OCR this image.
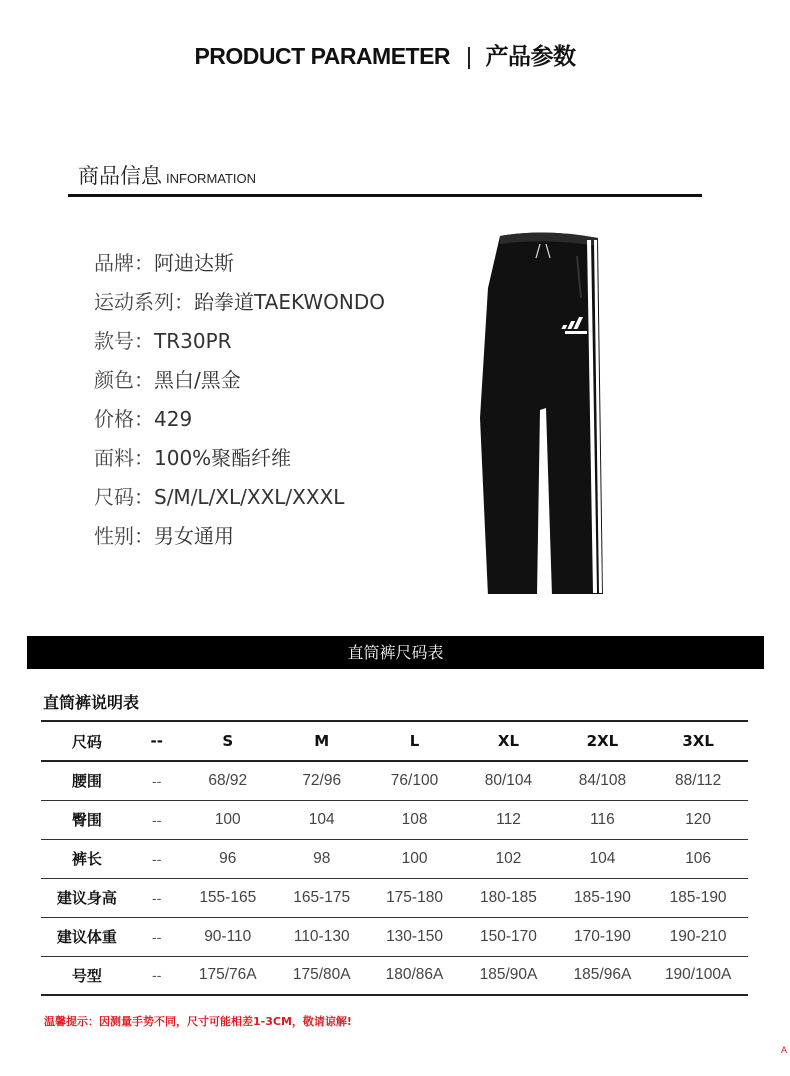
PRODUCT PARAMETER | 产品参数
商品信息 INFORMATION
品牌：阿迪达斯
运动系列：跆拳道TAEKWONDO
款号：TR30PR
颜色：黑白/黑金
价格：429
面料：100%聚酯纤维
尺码：S/M/L/XL/XXL/XXXL
性别：男女通用
直筒裤尺码表
直筒裤说明表
尺码	--	S	M	L	XL	2XL	3XL
腰围	--	68/92	72/96	76/100	80/104	84/108	88/112
臀围	--	100	104	108	112	116	120
裤长	--	96	98	100	102	104	106
建议身高	--	155-165	165-175	175-180	180-185	185-190	185-190
建议体重	--	90-110	110-130	130-150	150-170	170-190	190-210
号型	--	175/76A	175/80A	180/86A	185/90A	185/96A	190/100A
温馨提示：因测量手势不同，尺寸可能相差1-3CM，敬请谅解!
A
